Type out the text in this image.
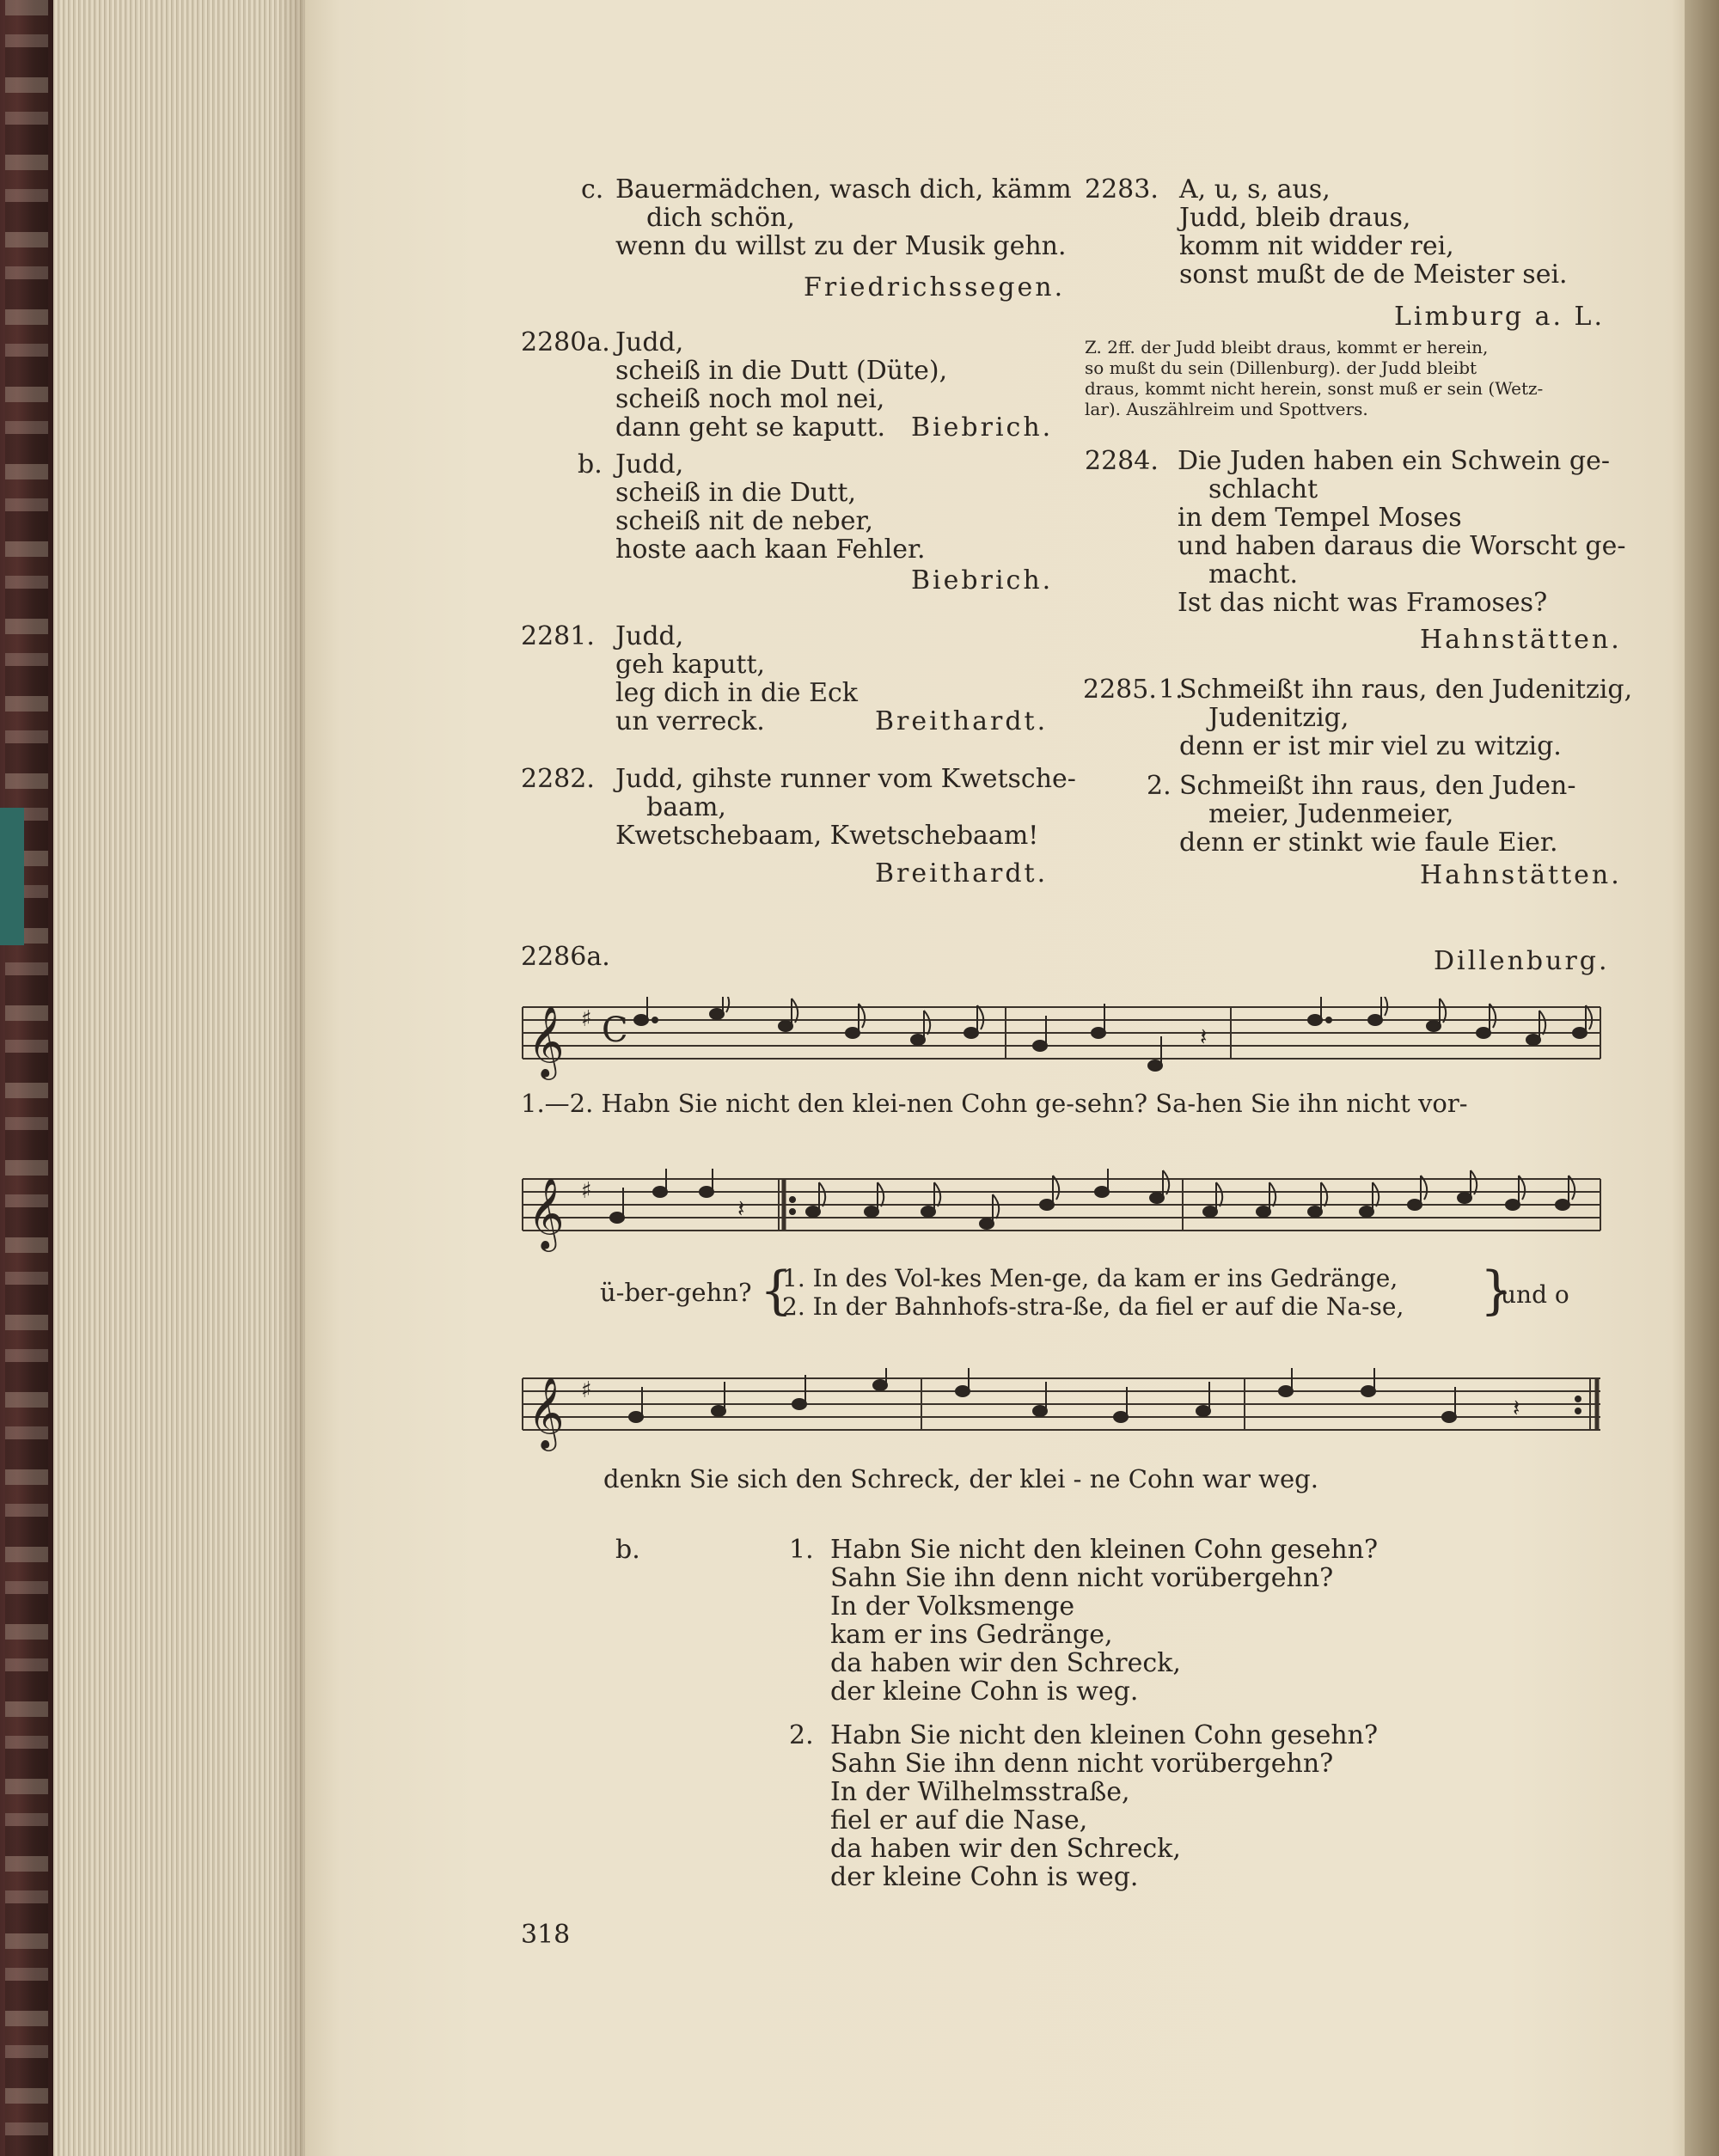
c. Bauermädchen, wasch dich, kämm
dich schön,
wenn du willst zu der Musik gehn.
Friedrichssegen.
2280a. Judd,
scheiß in die Dutt (Düte),
scheiß noch mol nei,
dann geht se kaputt. Biebrich.
b. Judd,
scheiß in die Dutt,
scheiß nit de neber,
hoste aach kaan Fehler.
Biebrich.
2281. Judd,
geh kaputt,
leg dich in die Eck
un verreck.	Breithardt.
2282. Judd, gihste runner vom Kwetsche-
baam,
Kwetschebaam, Kwetschebaam!
Breithardt.
2283. A, u, s, aus,
Judd, bleib draus,
komm nit widder rei,
sonst mußt de de Meister sei.
Limburg a. L.
Z. 2ff. der Judd bleibt draus, kommt er herein,
so mußt du sein (Dillenburg). der Judd bleibt
draus, kommt nicht herein, sonst muß er sein (Wetz-
lar). Auszählreim und Spottvers.
2284. Die Juden haben ein Schwein ge-
schlacht
in dem Tempel Moses
und haben daraus die Worscht ge-
macht.
Ist das nicht was Framoses?
Hahnstätten.
2285. 1.
Schmeißt ihn raus, den Judenitzig,
Judenitzig,
denn er ist mir viel zu witzig.
2. Schmeißt ihn raus, den Juden-
meier, Judenmeier,
denn er stinkt wie faule Eier.
Hahnstätten.
2286a.	Dillenburg.
𝄞 ♯ C	𝄽
1.—2. Habn Sie nicht den klei-nen Cohn ge-sehn? Sa-hen Sie ihn nicht vor-
𝄞 ♯
𝄽
ü-ber-gehn? {
1. In des Vol-kes Men-ge, da kam er ins Gedränge,
2. In der Bahnhofs-stra-ße, da fiel er auf die Na-se, }
und o
𝄞 ♯
𝄽
denkn Sie sich den Schreck, der klei - ne Cohn war weg.
b.	1. Habn Sie nicht den kleinen Cohn gesehn?
Sahn Sie ihn denn nicht vorübergehn?
In der Volksmenge
kam er ins Gedränge,
da haben wir den Schreck,
der kleine Cohn is weg.
2. Habn Sie nicht den kleinen Cohn gesehn?
Sahn Sie ihn denn nicht vorübergehn?
In der Wilhelmsstraße,
fiel er auf die Nase,
da haben wir den Schreck,
der kleine Cohn is weg.
318
